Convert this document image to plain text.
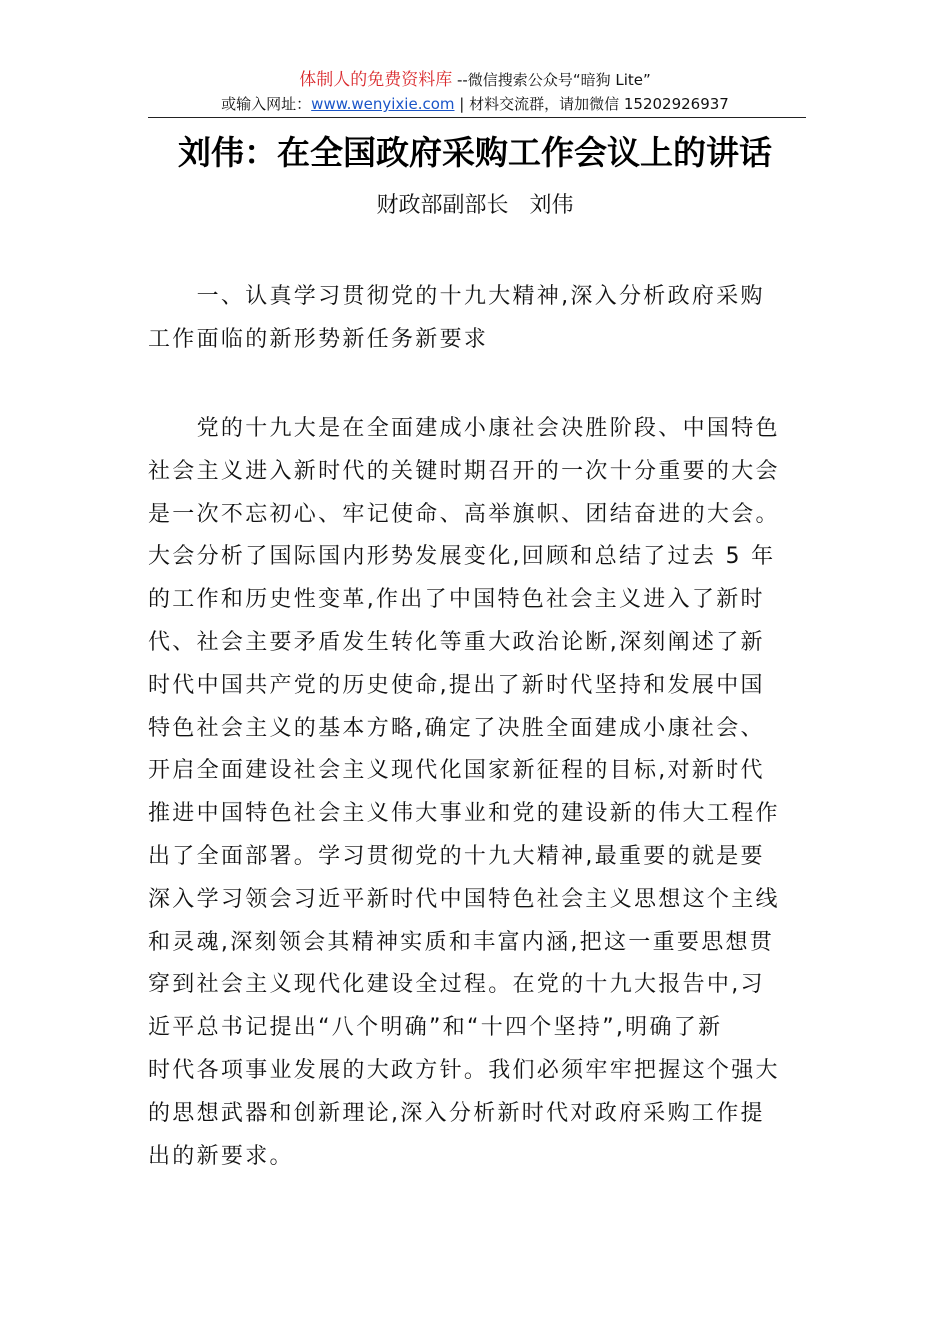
体制人的免费资料库 --微信搜索公众号“暗狗 Lite”
或输入网址：www.wenyixie.com | 材料交流群，请加微信 15202926937
刘伟：在全国政府采购工作会议上的讲话
财政部副部长   刘伟
　　一、认真学习贯彻党的十九大精神,深入分析政府采购
工作面临的新形势新任务新要求
　　党的十九大是在全面建成小康社会决胜阶段、中国特色
社会主义进入新时代的关键时期召开的一次十分重要的大会
是一次不忘初心、牢记使命、高举旗帜、团结奋进的大会。
大会分析了国际国内形势发展变化,回顾和总结了过去 5 年
的工作和历史性变革,作出了中国特色社会主义进入了新时
代、社会主要矛盾发生转化等重大政治论断,深刻阐述了新
时代中国共产党的历史使命,提出了新时代坚持和发展中国
特色社会主义的基本方略,确定了决胜全面建成小康社会、
开启全面建设社会主义现代化国家新征程的目标,对新时代
推进中国特色社会主义伟大事业和党的建设新的伟大工程作
出了全面部署。学习贯彻党的十九大精神,最重要的就是要
深入学习领会习近平新时代中国特色社会主义思想这个主线
和灵魂,深刻领会其精神实质和丰富内涵,把这一重要思想贯
穿到社会主义现代化建设全过程。在党的十九大报告中,习
近平总书记提出“八个明确”和“十四个坚持”,明确了新
时代各项事业发展的大政方针。我们必须牢牢把握这个强大
的思想武器和创新理论,深入分析新时代对政府采购工作提
出的新要求。
